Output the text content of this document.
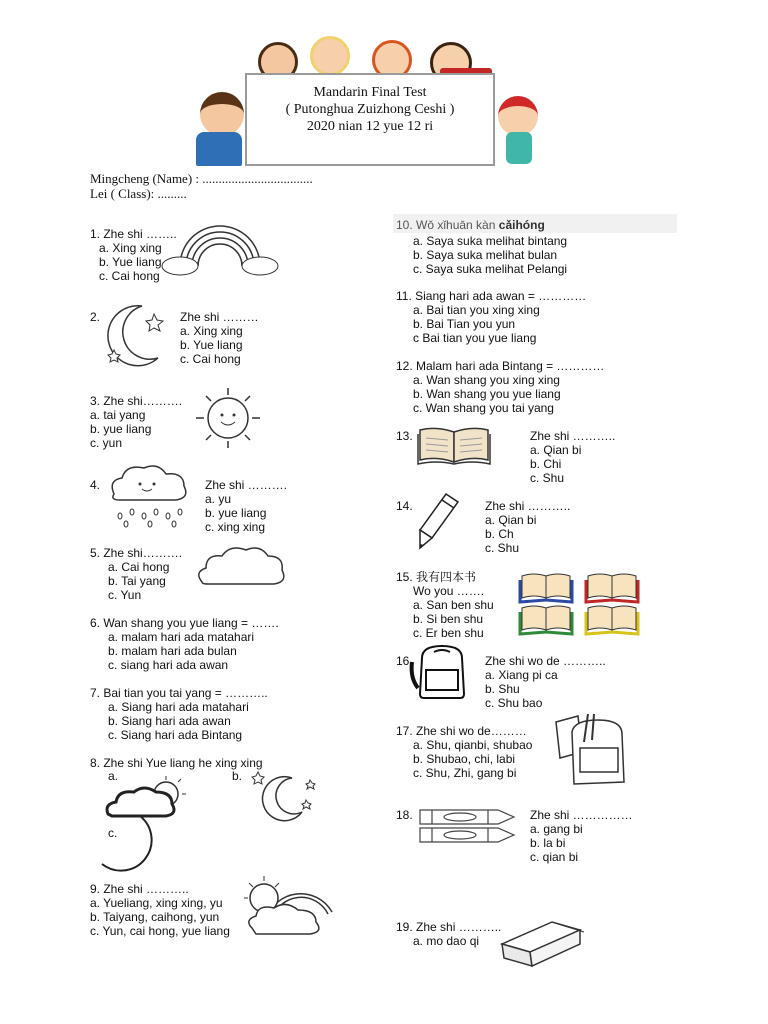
Mandarin Final Test
( Putonghua Zuizhong Ceshi )
2020 nian 12 yue 12 ri
Mingcheng (Name) : ..................................
Lei ( Class): .........
1. Zhe shi ……..
a. Xing xing
b. Yue liang
c. Cai hong
2.	Zhe shi ………
a. Xing xing
b. Yue liang
c. Cai hong
3. Zhe shi……….
a. tai yang
b. yue liang
c. yun
4.	Zhe shi ……….
a. yu
b. yue liang
c. xing xing
5. Zhe shi……….
a. Cai hong
b. Tai yang
c. Yun
6. Wan shang you yue liang = …….
a. malam hari ada matahari
b. malam hari ada bulan
c. siang hari ada awan
7. Bai tian you tai yang = ………..
a. Siang hari ada matahari
b. Siang hari ada awan
c. Siang hari ada Bintang
8. Zhe shi Yue liang he xing xing
a.	b.
c.
9. Zhe shi ………..
a. Yueliang, xing xing, yu
b. Taiyang, caihong, yun
c. Yun, cai hong, yue liang
10. Wǒ xǐhuān kàn cǎihóng
a. Saya suka melihat bintang
b. Saya suka melihat bulan
c. Saya suka melihat Pelangi
11. Siang hari ada awan = …………
a. Bai tian you xing xing
b. Bai Tian you yun
c Bai tian you yue liang
12. Malam hari ada Bintang = …………
a. Wan shang you xing xing
b. Wan shang you yue liang
c. Wan shang you tai yang
13.	Zhe shi ………..
a. Qian bi
b. Chi
c. Shu
14.	Zhe shi ………..
a. Qian bi
b. Ch
c. Shu
15. 我有四本书
Wo you …….
a. San ben shu
b. Si ben shu
c. Er ben shu
16.	Zhe shi wo de ………..
a. Xiang pi ca
b. Shu
c. Shu bao
17. Zhe shi wo de………
a. Shu, qianbi, shubao
b. Shubao, chi, labi
c. Shu, Zhi, gang bi
18.	Zhe shi ……………
a. gang bi
b. la bi
c. qian bi
19. Zhe shi ………..
a. mo dao qi
